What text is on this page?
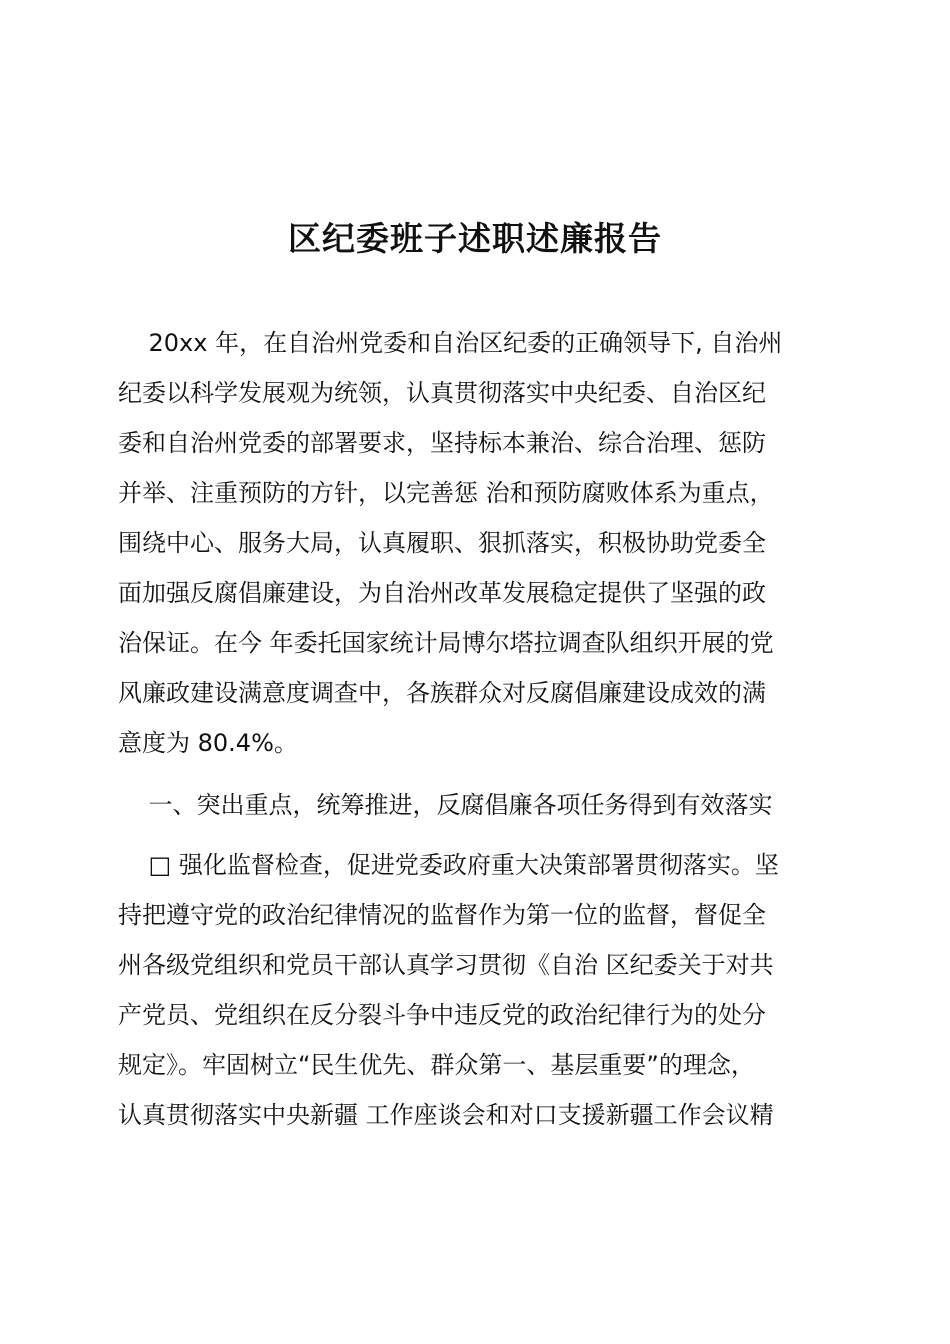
区纪委班子述职述廉报告
20xx 年，在自治州党委和自治区纪委的正确领导下, 自治州
纪委以科学发展观为统领，认真贯彻落实中央纪委、自治区纪
委和自治州党委的部署要求，坚持标本兼治、综合治理、惩防
并举、注重预防的方针，以完善惩 治和预防腐败体系为重点，
围绕中心、服务大局，认真履职、狠抓落实，积极协助党委全
面加强反腐倡廉建设，为自治州改革发展稳定提供了坚强的政
治保证。在今 年委托国家统计局博尔塔拉调查队组织开展的党
风廉政建设满意度调查中，各族群众对反腐倡廉建设成效的满
意度为 80.4%。
一、突出重点，统筹推进，反腐倡廉各项任务得到有效落实
□ 强化监督检查，促进党委政府重大决策部署贯彻落实。坚
持把遵守党的政治纪律情况的监督作为第一位的监督，督促全
州各级党组织和党员干部认真学习贯彻《自治 区纪委关于对共
产党员、党组织在反分裂斗争中违反党的政治纪律行为的处分
规定》。牢固树立“民生优先、群众第一、基层重要”的理念，
认真贯彻落实中央新疆 工作座谈会和对口支援新疆工作会议精
